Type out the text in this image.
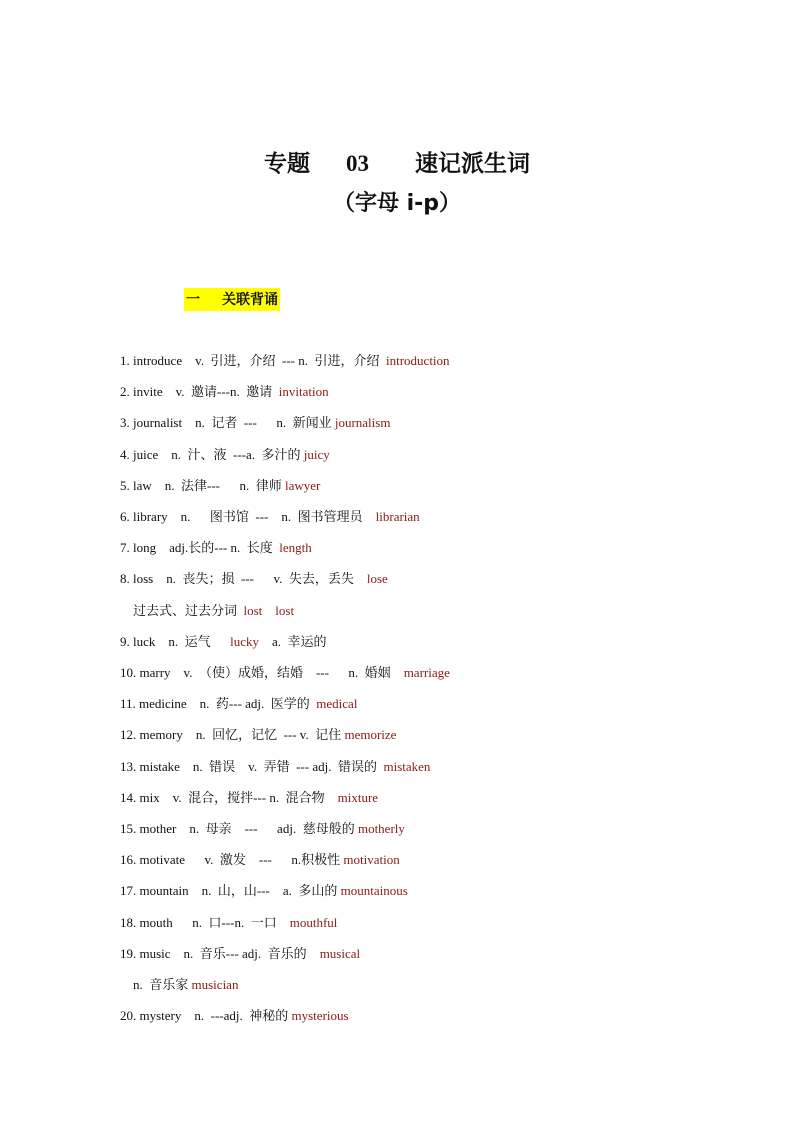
专题 03 速记派生词
（字母 i-p）
一 关联背诵
1. introduce    v.  引进，介绍  --- n.  引进，介绍  introduction
2. invite    v.  邀请---n.  邀请  invitation
3. journalist    n.  记者  ---      n.  新闻业 journalism
4. juice    n.  汁、液  ---a.  多汁的 juicy
5. law    n.  法律---      n.  律师 lawyer
6. library    n.      图书馆  ---    n.  图书管理员    librarian
7. long    adj.长的--- n.  长度  length
8. loss    n.  丧失；损  ---      v.  失去，丢失    lose
过去式、过去分词  lost    lost
9. luck    n.  运气      lucky    a.  幸运的
10. marry    v.  （使）成婚，结婚    ---      n.  婚姻    marriage
11. medicine    n.  药--- adj.  医学的  medical
12. memory    n.  回忆，记忆  --- v.  记住 memorize
13. mistake    n.  错误    v.  弄错  --- adj.  错误的  mistaken
14. mix    v.  混合，搅拌--- n.  混合物    mixture
15. mother    n.  母亲    ---      adj.  慈母般的 motherly
16. motivate      v.  激发    ---      n.积极性 motivation
17. mountain    n.  山，山---    a.  多山的 mountainous
18. mouth      n.  口---n.  一口    mouthful
19. music    n.  音乐--- adj.  音乐的    musical
n.  音乐家 musician
20. mystery    n.  ---adj.  神秘的 mysterious
